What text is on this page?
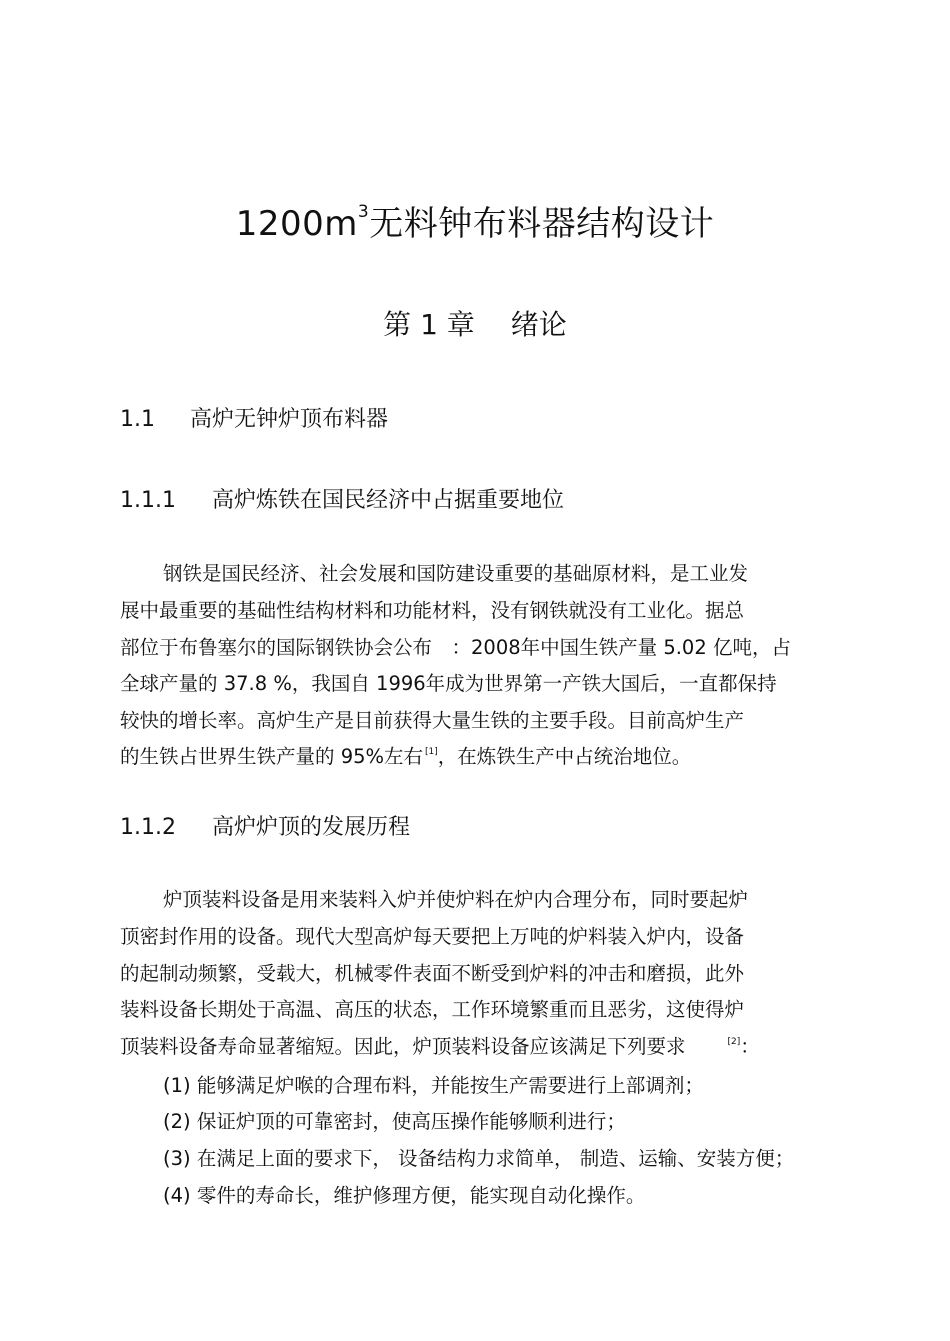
$1200m^3$无料钟布料器结构设计
第 1 章 绪论
1.1 高炉无钟炉顶布料器
1.1.1 高炉炼铁在国民经济中占据重要地位
钢铁是国民经济、社会发展和国防建设重要的基础原材料，是工业发
展中最重要的基础性结构材料和功能材料，没有钢铁就没有工业化。据总
部位于布鲁塞尔的国际钢铁协会公布　：2008年中国生铁产量 5.02 亿吨，占
全球产量的 37.8 %，我国自 1996年成为世界第一产铁大国后，一直都保持
较快的增长率。高炉生产是目前获得大量生铁的主要手段。目前高炉生产
的生铁占世界生铁产量的 95%左右 [1]，在炼铁生产中占统治地位。
1.1.2 高炉炉顶的发展历程
炉顶装料设备是用来装料入炉并使炉料在炉内合理分布，同时要起炉
顶密封作用的设备。现代大型高炉每天要把上万吨的炉料装入炉内，设备
的起制动频繁，受载大，机械零件表面不断受到炉料的冲击和磨损，此外
装料设备长期处于高温、高压的状态，工作环境繁重而且恶劣，这使得炉
顶装料设备寿命显著缩短。因此，炉顶装料设备应该满足下列要求	[2]：
(1) 能够满足炉喉的合理布料，并能按生产需要进行上部调剂；
(2) 保证炉顶的可靠密封，使高压操作能够顺利进行；
(3) 在满足上面的要求下， 设备结构力求简单， 制造、运输、安装方便；
(4) 零件的寿命长，维护修理方便，能实现自动化操作。
